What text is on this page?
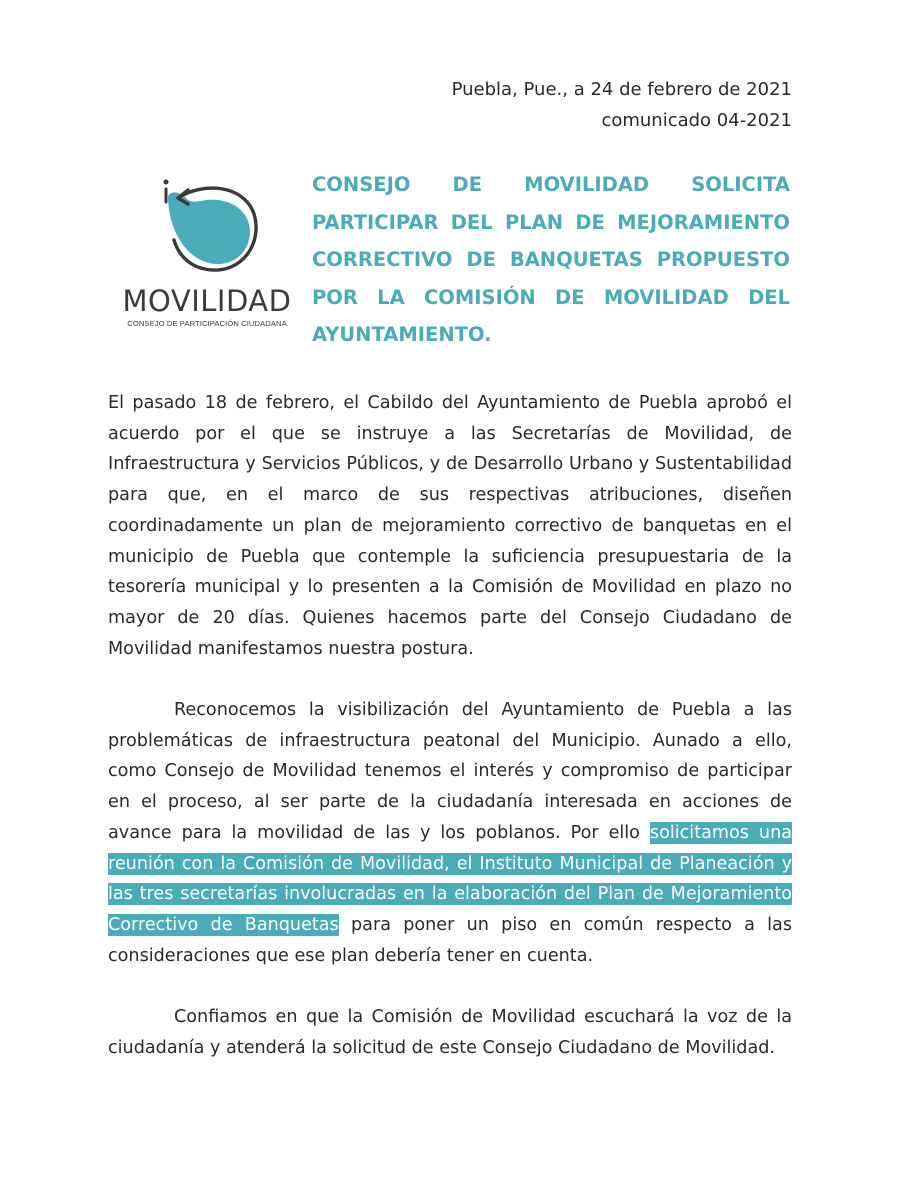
Puebla, Pue., a 24 de febrero de 2021
comunicado 04-2021
MOVILIDAD
CONSEJO DE PARTICIPACIÓN CIUDADANA
CONSEJO DE MOVILIDAD SOLICITA PARTICIPAR DEL PLAN DE MEJORAMIENTO CORRECTIVO DE BANQUETAS PROPUESTO POR LA COMISIÓN DE MOVILIDAD DEL AYUNTAMIENTO.

El pasado 18 de febrero, el Cabildo del Ayuntamiento de Puebla aprobó el acuerdo por el que se instruye a las Secretarías de Movilidad, de Infraestructura y Servicios Públicos, y de Desarrollo Urbano y Sustentabilidad para que, en el marco de sus respectivas atribuciones, diseñen coordinadamente un plan de mejoramiento correctivo de banquetas en el municipio de Puebla que contemple la suficiencia presupuestaria de la tesorería municipal y lo presenten a la Comisión de Movilidad en plazo no mayor de 20 días. Quienes hacemos parte del Consejo Ciudadano de Movilidad manifestamos nuestra postura.

Reconocemos la visibilización del Ayuntamiento de Puebla a las problemáticas de infraestructura peatonal del Municipio. Aunado a ello, como Consejo de Movilidad tenemos el interés y compromiso de participar en el proceso, al ser parte de la ciudadanía interesada en acciones de avance para la movilidad de las y los poblanos. Por ello solicitamos una reunión con la Comisión de Movilidad, el Instituto Municipal de Planeación y las tres secretarías involucradas en la elaboración del Plan de Mejoramiento Correctivo de Banquetas para poner un piso en común respecto a las consideraciones que ese plan debería tener en cuenta.

Confiamos en que la Comisión de Movilidad escuchará la voz de la ciudadanía y atenderá la solicitud de este Consejo Ciudadano de Movilidad.
